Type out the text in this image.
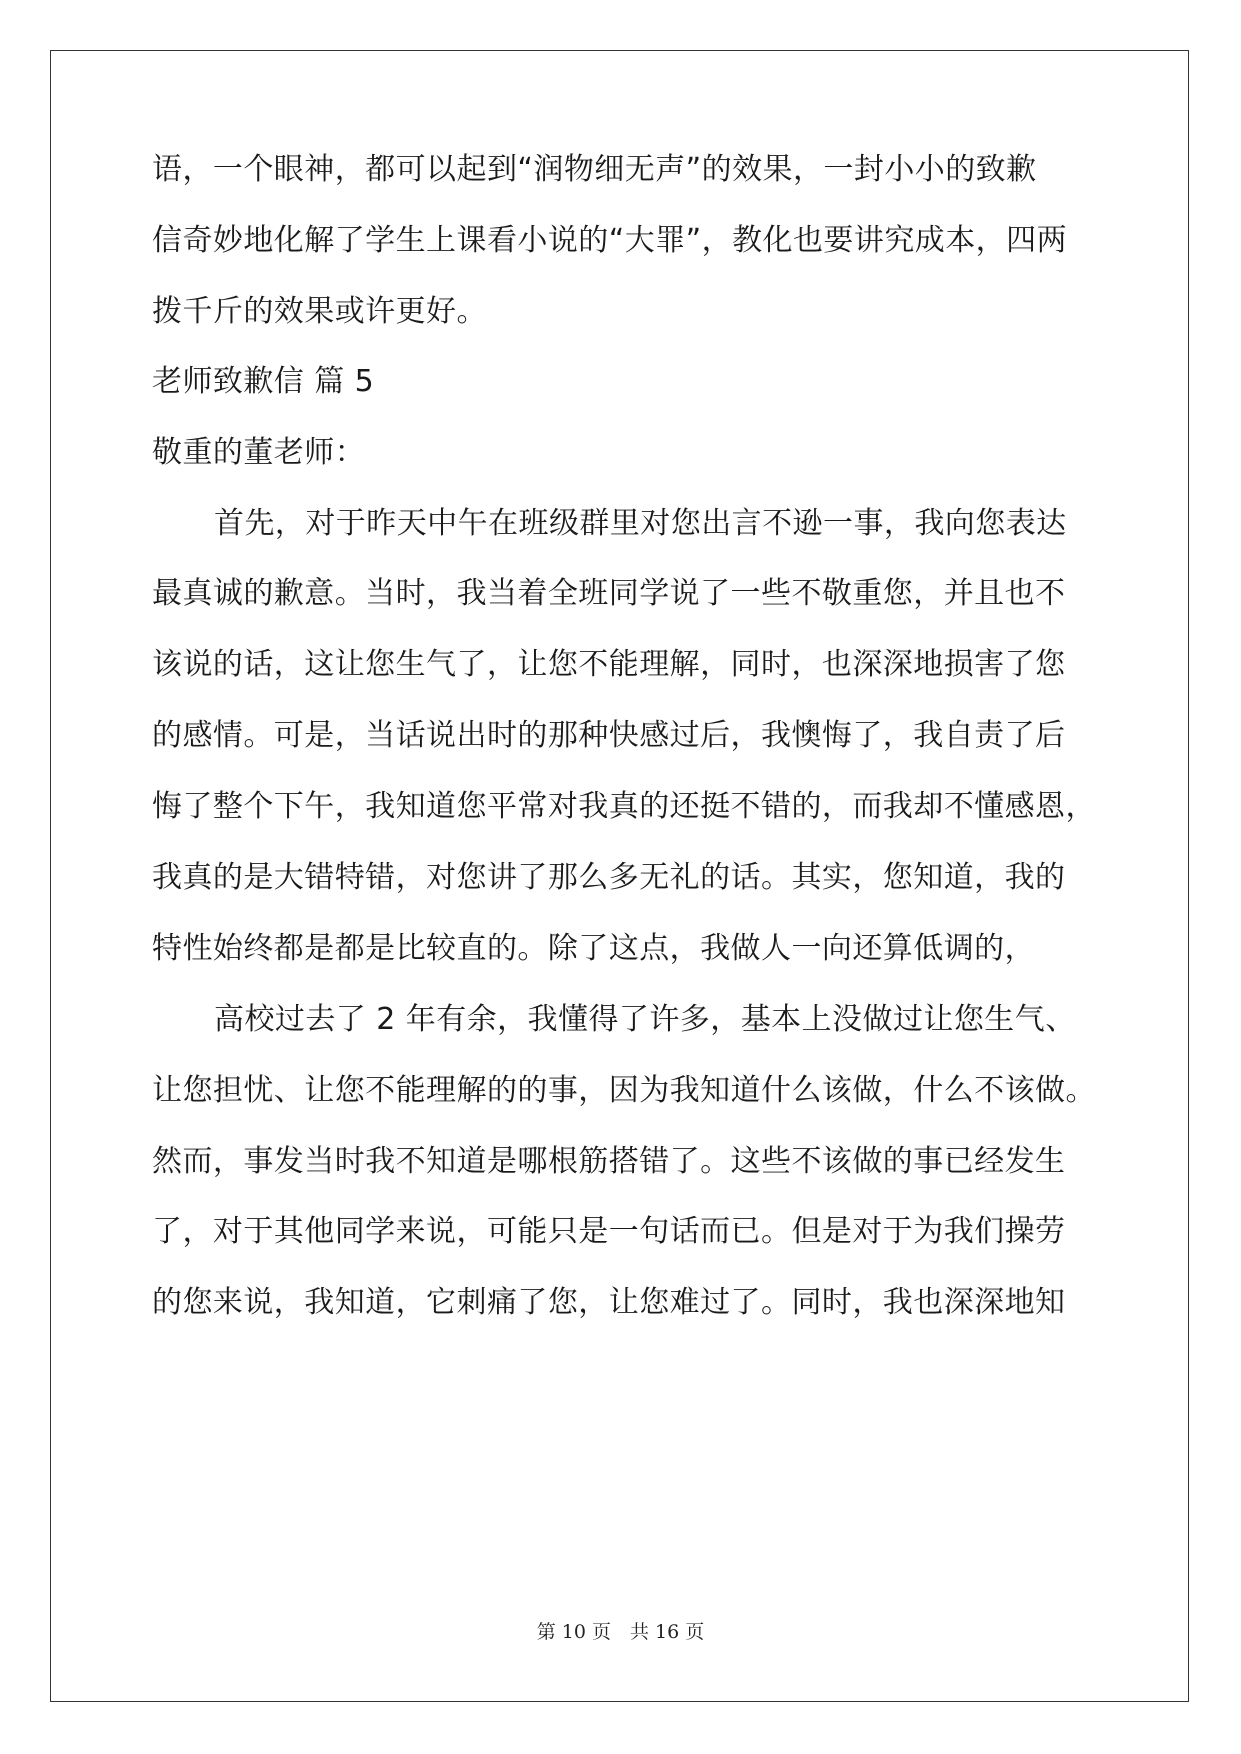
语，一个眼神，都可以起到“润物细无声”的效果，一封小小的致歉
信奇妙地化解了学生上课看小说的“大罪”，教化也要讲究成本，四两
拨千斤的效果或许更好。
老师致歉信 篇 5
敬重的董老师：
首先，对于昨天中午在班级群里对您出言不逊一事，我向您表达
最真诚的歉意。当时，我当着全班同学说了一些不敬重您，并且也不
该说的话，这让您生气了，让您不能理解，同时，也深深地损害了您
的感情。可是，当话说出时的那种快感过后，我懊悔了，我自责了后
悔了整个下午，我知道您平常对我真的还挺不错的，而我却不懂感恩，
我真的是大错特错，对您讲了那么多无礼的话。其实，您知道，我的
特性始终都是都是比较直的。除了这点，我做人一向还算低调的，
高校过去了 2 年有余，我懂得了许多，基本上没做过让您生气、
让您担忧、让您不能理解的的事，因为我知道什么该做，什么不该做。
然而，事发当时我不知道是哪根筋搭错了。这些不该做的事已经发生
了，对于其他同学来说，可能只是一句话而已。但是对于为我们操劳
的您来说，我知道，它刺痛了您，让您难过了。同时，我也深深地知
第 10 页　共 16 页
